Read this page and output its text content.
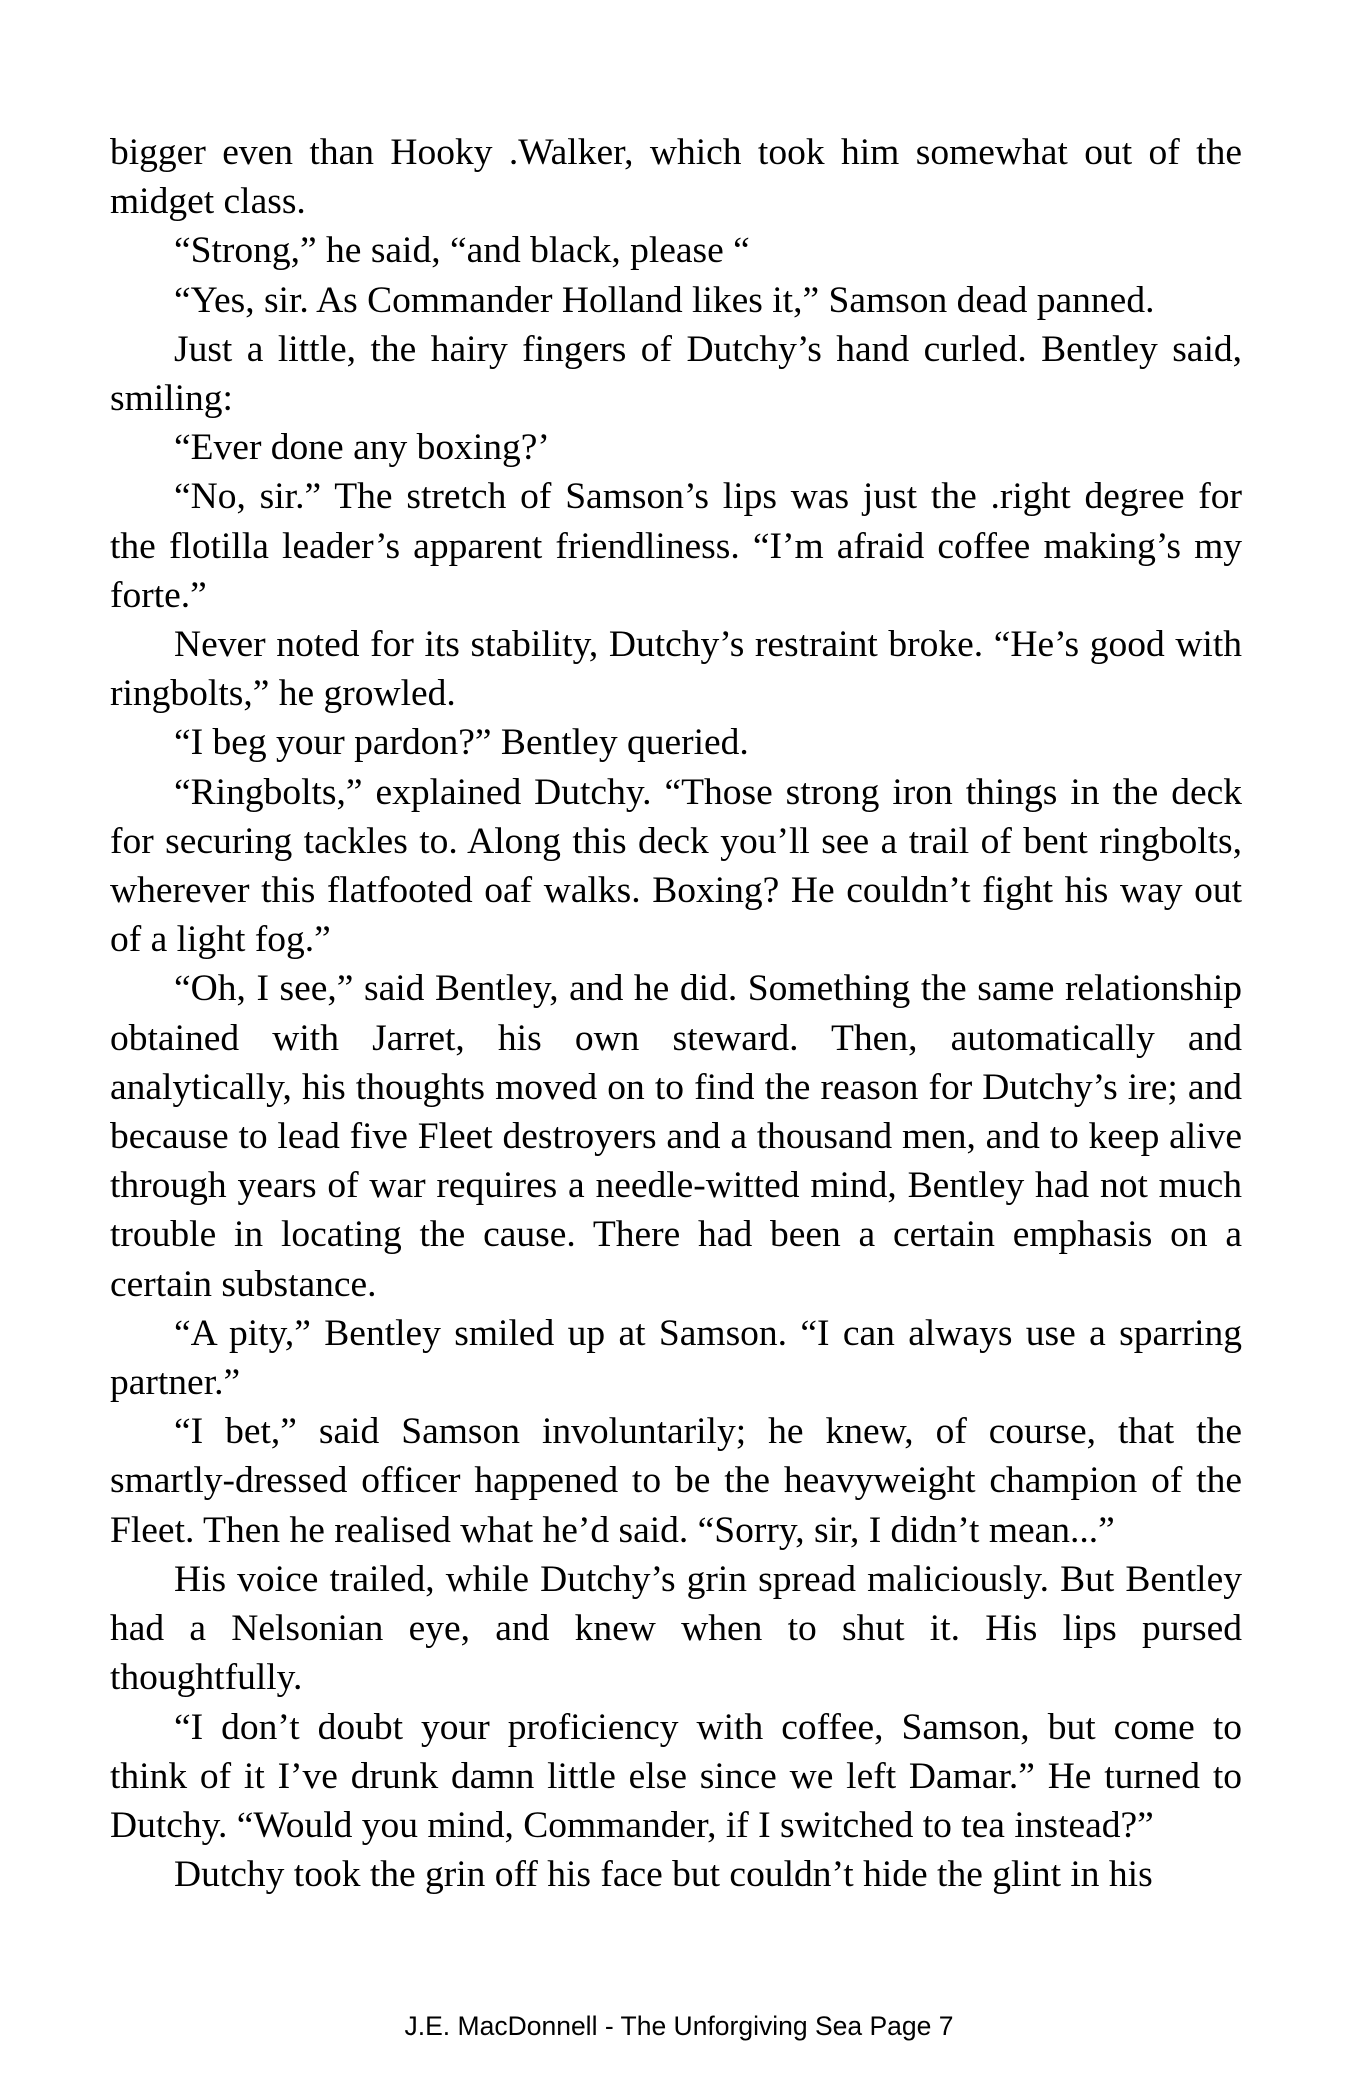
bigger even than Hooky .Walker, which took him somewhat out of the midget class.

“Strong,” he said, “and black, please “

“Yes, sir. As Commander Holland likes it,” Samson dead panned.

Just a little, the hairy fingers of Dutchy’s hand curled. Bentley said, smiling:

“Ever done any boxing?’

“No, sir.” The stretch of Samson’s lips was just the .right degree for the flotilla leader’s apparent friendliness. “I’m afraid coffee making’s my forte.”

Never noted for its stability, Dutchy’s restraint broke. “He’s good with ringbolts,” he growled.

“I beg your pardon?” Bentley queried.

“Ringbolts,” explained Dutchy. “Those strong iron things in the deck for securing tackles to. Along this deck you’ll see a trail of bent ringbolts, wherever this flatfooted oaf walks. Boxing? He couldn’t fight his way out of a light fog.”

“Oh, I see,” said Bentley, and he did. Something the same relationship obtained with Jarret, his own steward. Then, automatically and analytically, his thoughts moved on to find the reason for Dutchy’s ire; and because to lead five Fleet destroyers and a thousand men, and to keep alive through years of war requires a needle-witted mind, Bentley had not much trouble in locating the cause. There had been a certain emphasis on a certain substance.

“A pity,” Bentley smiled up at Samson. “I can always use a sparring partner.”

“I bet,” said Samson involuntarily; he knew, of course, that the smartly-dressed officer happened to be the heavyweight champion of the Fleet. Then he realised what he’d said. “Sorry, sir, I didn’t mean...”

His voice trailed, while Dutchy’s grin spread maliciously. But Bentley had a Nelsonian eye, and knew when to shut it. His lips pursed thoughtfully.

“I don’t doubt your proficiency with coffee, Samson, but come to think of it I’ve drunk damn little else since we left Damar.” He turned to Dutchy. “Would you mind, Commander, if I switched to tea instead?”

Dutchy took the grin off his face but couldn’t hide the glint in his

J.E. MacDonnell - The Unforgiving Sea Page 7
